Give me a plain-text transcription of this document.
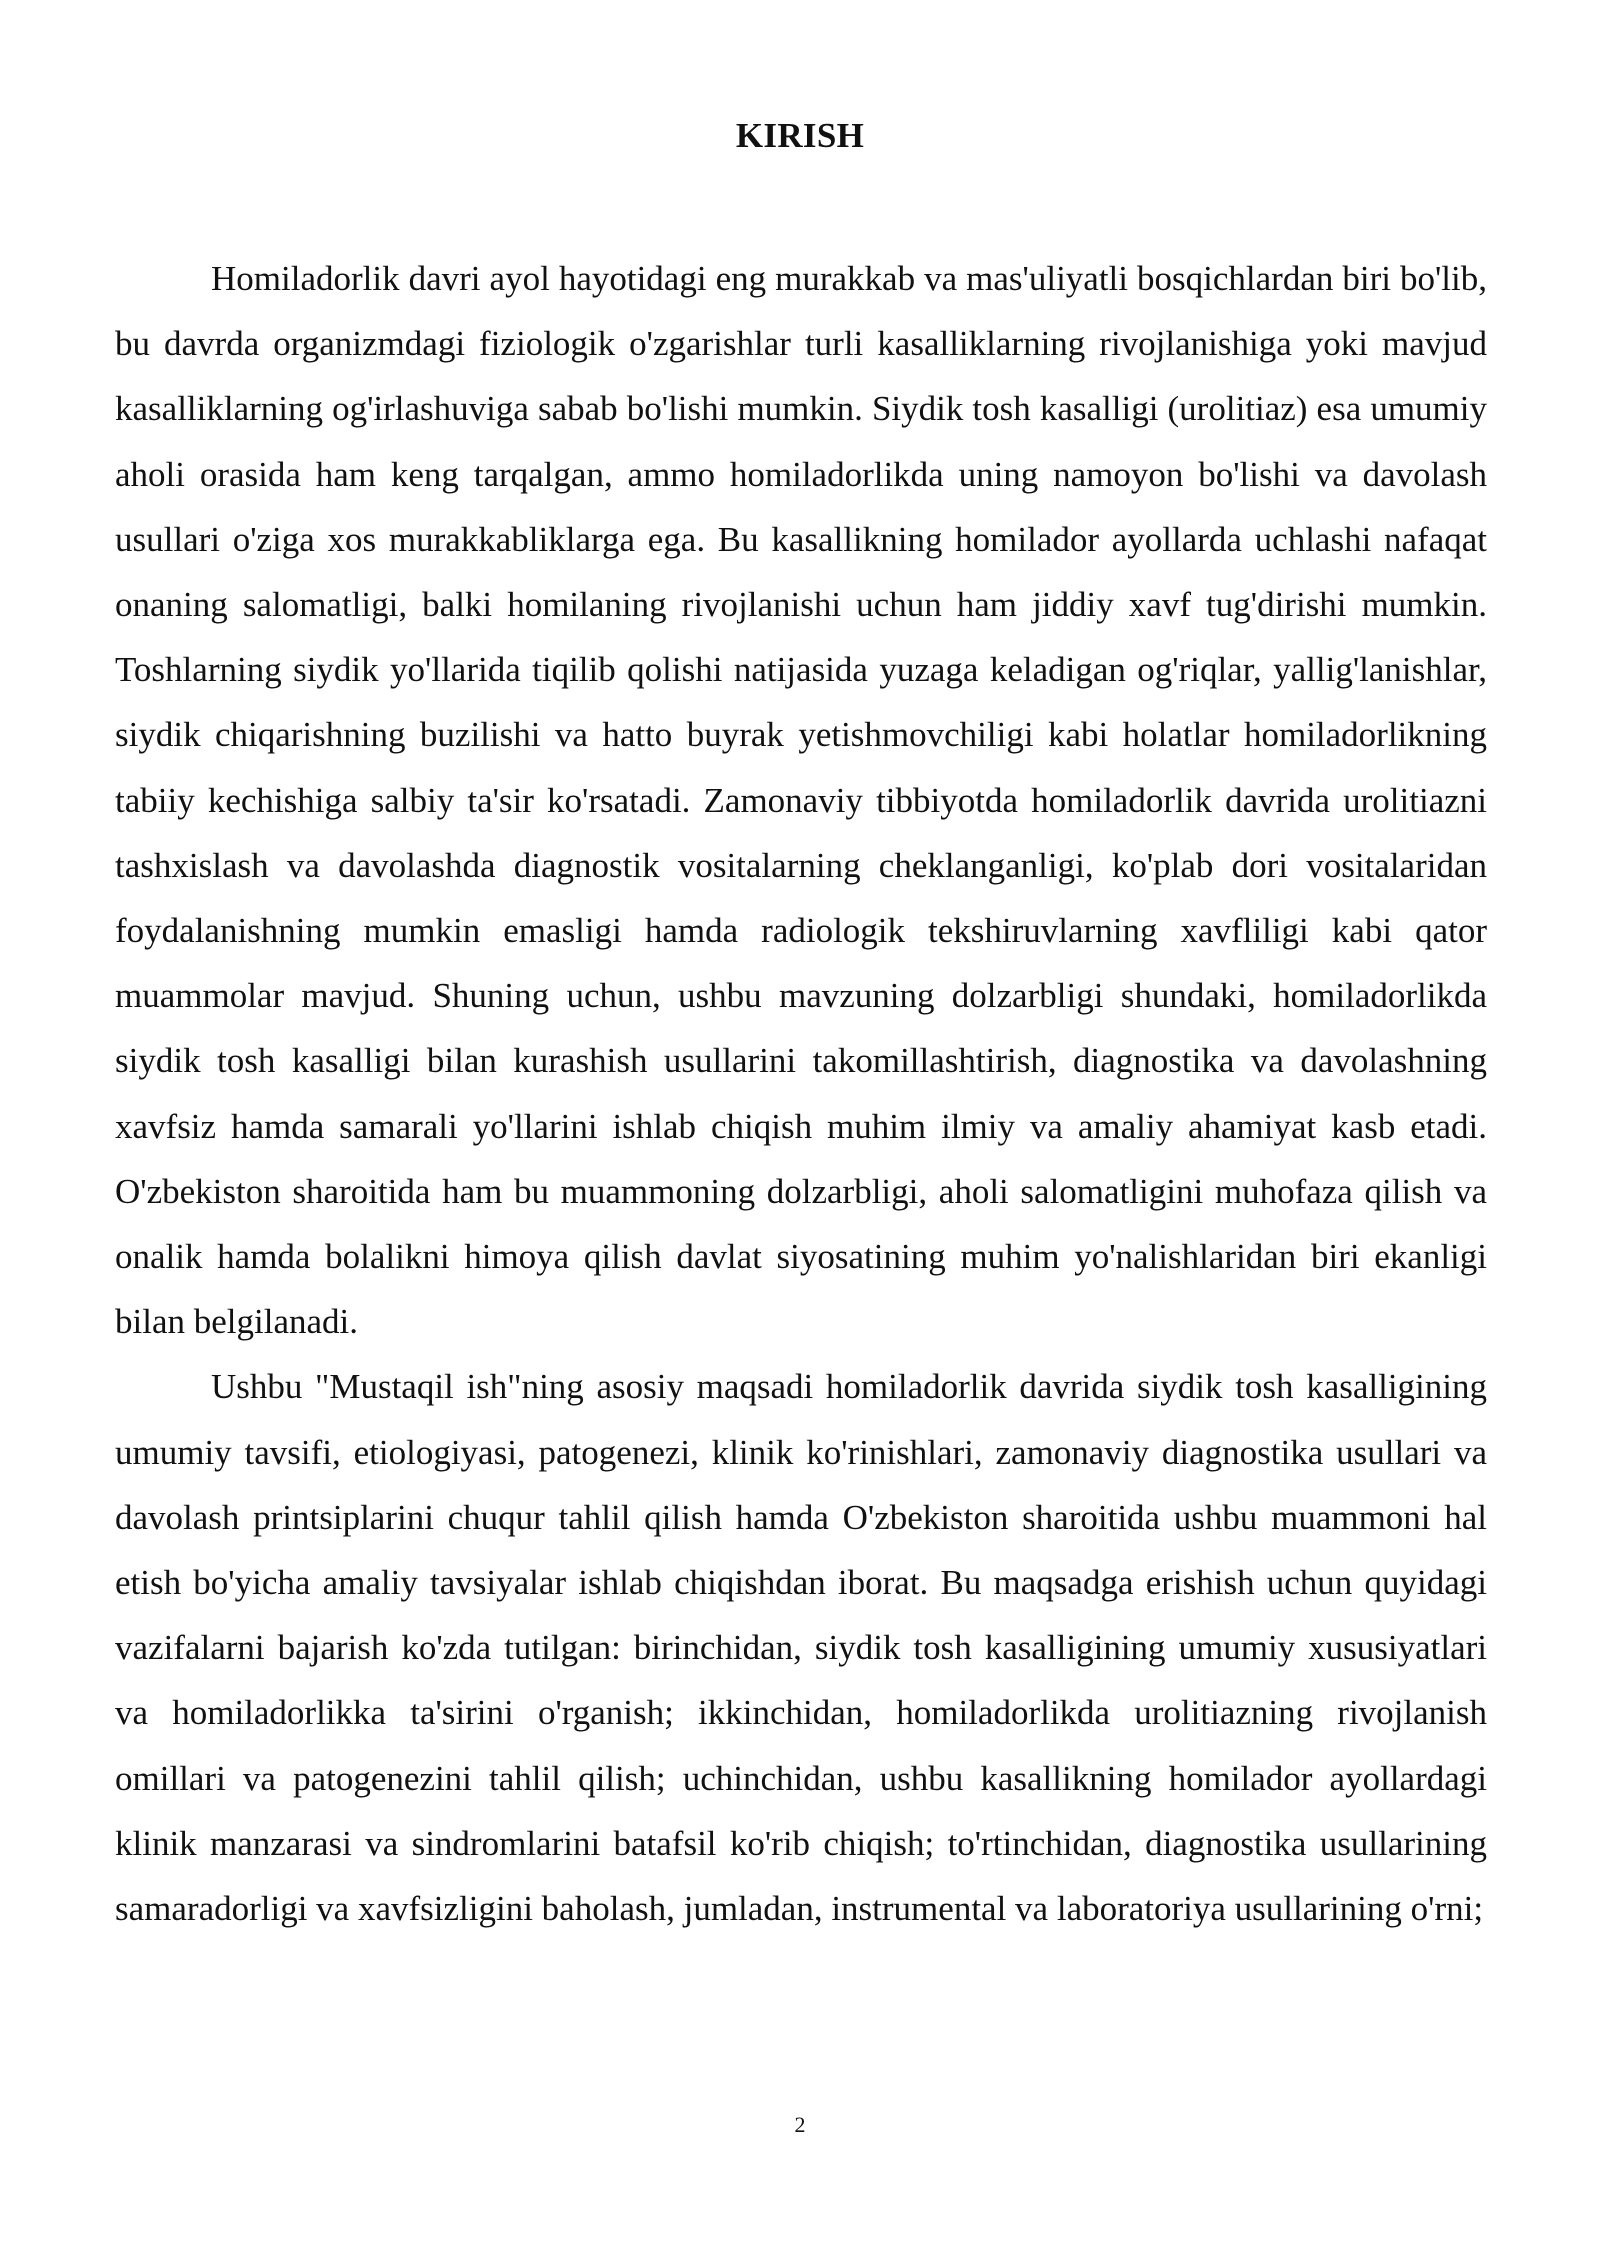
KIRISH

Homiladorlik davri ayol hayotidagi eng murakkab va mas'uliyatli bosqichlardan biri bo'lib, bu davrda organizmdagi fiziologik o'zgarishlar turli kasalliklarning rivojlanishiga yoki mavjud kasalliklarning og'irlashuviga sabab bo'lishi mumkin. Siydik tosh kasalligi (urolitiaz) esa umumiy aholi orasida ham keng tarqalgan, ammo homiladorlikda uning namoyon bo'lishi va davolash usullari o'ziga xos murakkabliklarga ega. Bu kasallikning homilador ayollarda uchlashi nafaqat onaning salomatligi, balki homilaning rivojlanishi uchun ham jiddiy xavf tug'dirishi mumkin. Toshlarning siydik yo'llarida tiqilib qolishi natijasida yuzaga keladigan og'riqlar, yallig'lanishlar, siydik chiqarishning buzilishi va hatto buyrak yetishmovchiligi kabi holatlar homiladorlikning tabiiy kechishiga salbiy ta'sir ko'rsatadi. Zamonaviy tibbiyotda homiladorlik davrida urolitiazni tashxislash va davolashda diagnostik vositalarning cheklanganligi, ko'plab dori vositalaridan foydalanishning mumkin emasligi hamda radiologik tekshiruvlarning xavfliligi kabi qator muammolar mavjud. Shuning uchun, ushbu mavzuning dolzarbligi shundaki, homiladorlikda siydik tosh kasalligi bilan kurashish usullarini takomillashtirish, diagnostika va davolashning xavfsiz hamda samarali yo'llarini ishlab chiqish muhim ilmiy va amaliy ahamiyat kasb etadi. O'zbekiston sharoitida ham bu muammoning dolzarbligi, aholi salomatligini muhofaza qilish va onalik hamda bolalikni himoya qilish davlat siyosatining muhim yo'nalishlaridan biri ekanligi bilan belgilanadi.

Ushbu "Mustaqil ish"ning asosiy maqsadi homiladorlik davrida siydik tosh kasalligining umumiy tavsifi, etiologiyasi, patogenezi, klinik ko'rinishlari, zamonaviy diagnostika usullari va davolash printsiplarini chuqur tahlil qilish hamda O'zbekiston sharoitida ushbu muammoni hal etish bo'yicha amaliy tavsiyalar ishlab chiqishdan iborat. Bu maqsadga erishish uchun quyidagi vazifalarni bajarish ko'zda tutilgan: birinchidan, siydik tosh kasalligining umumiy xususiyatlari va homiladorlikka ta'sirini o'rganish; ikkinchidan, homiladorlikda urolitiazning rivojlanish omillari va patogenezini tahlil qilish; uchinchidan, ushbu kasallikning homilador ayollardagi klinik manzarasi va sindromlarini batafsil ko'rib chiqish; to'rtinchidan, diagnostika usullarining samaradorligi va xavfsizligini baholash, jumladan, instrumental va laboratoriya usullarining o'rni;

2
